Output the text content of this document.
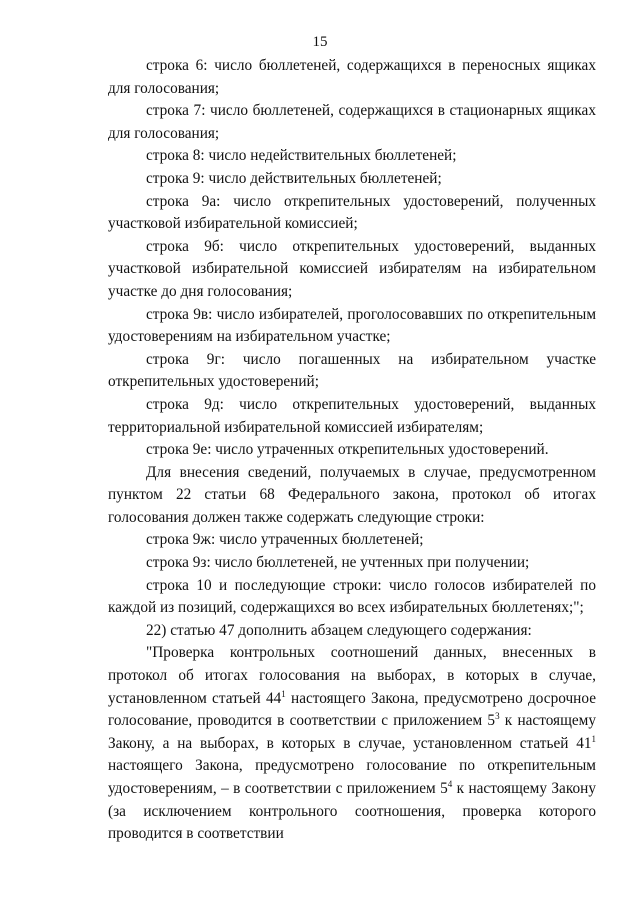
15

строка 6: число бюллетеней, содержащихся в переносных ящиках для голосования;

строка 7: число бюллетеней, содержащихся в стационарных ящиках для голосования;

строка 8: число недействительных бюллетеней;

строка 9: число действительных бюллетеней;

строка 9а: число открепительных удостоверений, полученных участковой избирательной комиссией;

строка 9б: число открепительных удостоверений, выданных участковой избирательной комиссией избирателям на избирательном участке до дня голосования;

строка 9в: число избирателей, проголосовавших по открепительным удостоверениям на избирательном участке;

строка 9г: число погашенных на избирательном участке открепительных удостоверений;

строка 9д: число открепительных удостоверений, выданных территориальной избирательной комиссией избирателям;

строка 9е: число утраченных открепительных удостоверений.

Для внесения сведений, получаемых в случае, предусмотренном пунктом 22 статьи 68 Федерального закона, протокол об итогах голосования должен также содержать следующие строки:

строка 9ж: число утраченных бюллетеней;

строка 9з: число бюллетеней, не учтенных при получении;

строка 10 и последующие строки: число голосов избирателей по каждой из позиций, содержащихся во всех избирательных бюллетенях;";

22) статью 47 дополнить абзацем следующего содержания:

"Проверка контрольных соотношений данных, внесенных в протокол об итогах голосования на выборах, в которых в случае, установленном статьей $44^1$ настоящего Закона, предусмотрено досрочное голосование, проводится в соответствии с приложением $5^3$ к настоящему Закону, а на выборах, в которых в случае, установленном статьей $41^1$ настоящего Закона, предусмотрено голосование по открепительным удостоверениям, – в соответствии с приложением $5^4$ к настоящему Закону (за исключением контрольного соотношения, проверка которого проводится в соответствии
